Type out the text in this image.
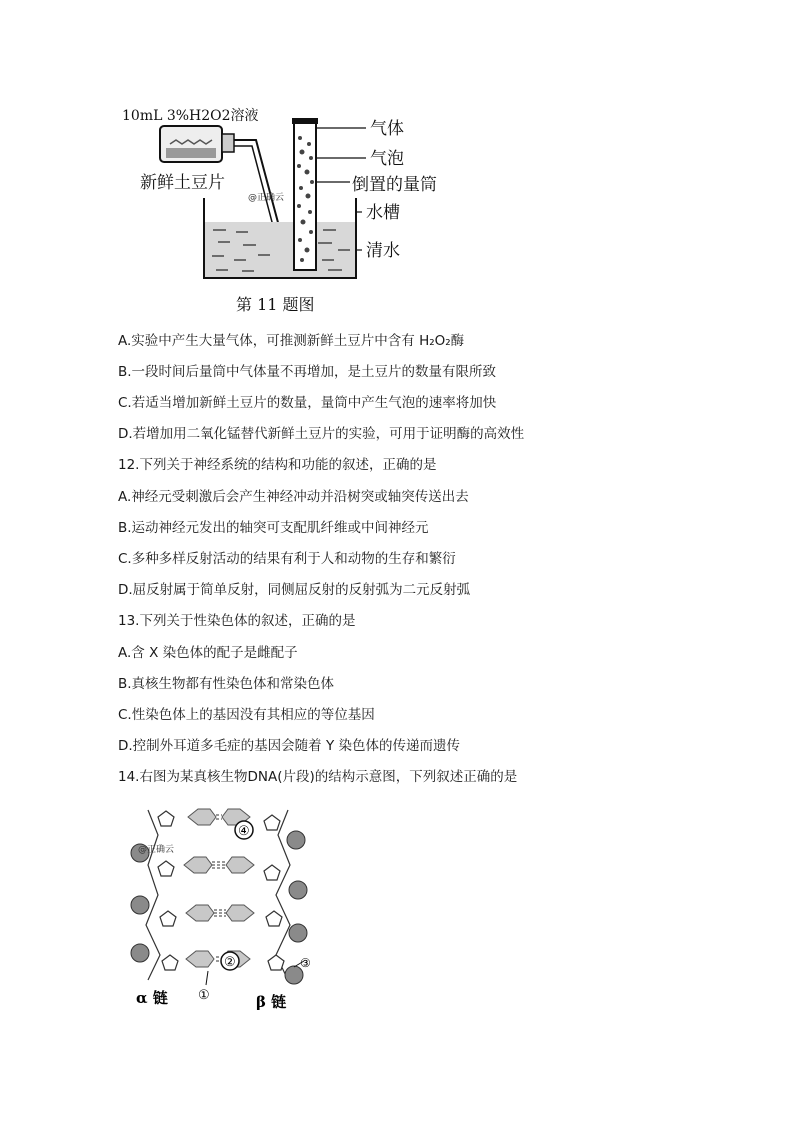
10mL 3%H2O2溶液
新鲜土豆片
@正确云
气体
气泡
倒置的量筒
水槽
清水
第 11 题图
A.实验中产生大量气体，可推测新鲜土豆片中含有 H₂O₂酶
B.一段时间后量筒中气体量不再增加，是土豆片的数量有限所致
C.若适当增加新鲜土豆片的数量，量筒中产生气泡的速率将加快
D.若增加用二氧化锰替代新鲜土豆片的实验，可用于证明酶的高效性
12.下列关于神经系统的结构和功能的叙述，正确的是
A.神经元受刺激后会产生神经冲动并沿树突或轴突传送出去
B.运动神经元发出的轴突可支配肌纤维或中间神经元
C.多种多样反射活动的结果有利于人和动物的生存和繁衍
D.屈反射属于简单反射，同侧屈反射的反射弧为二元反射弧
13.下列关于性染色体的叙述，正确的是
A.含 X 染色体的配子是雌配子
B.真核生物都有性染色体和常染色体
C.性染色体上的基因没有其相应的等位基因
D.控制外耳道多毛症的基因会随着 Y 染色体的传递而遗传
14.右图为某真核生物DNA(片段)的结构示意图，下列叙述正确的是
④
②
①
③
@正确云
α 链	β 链
